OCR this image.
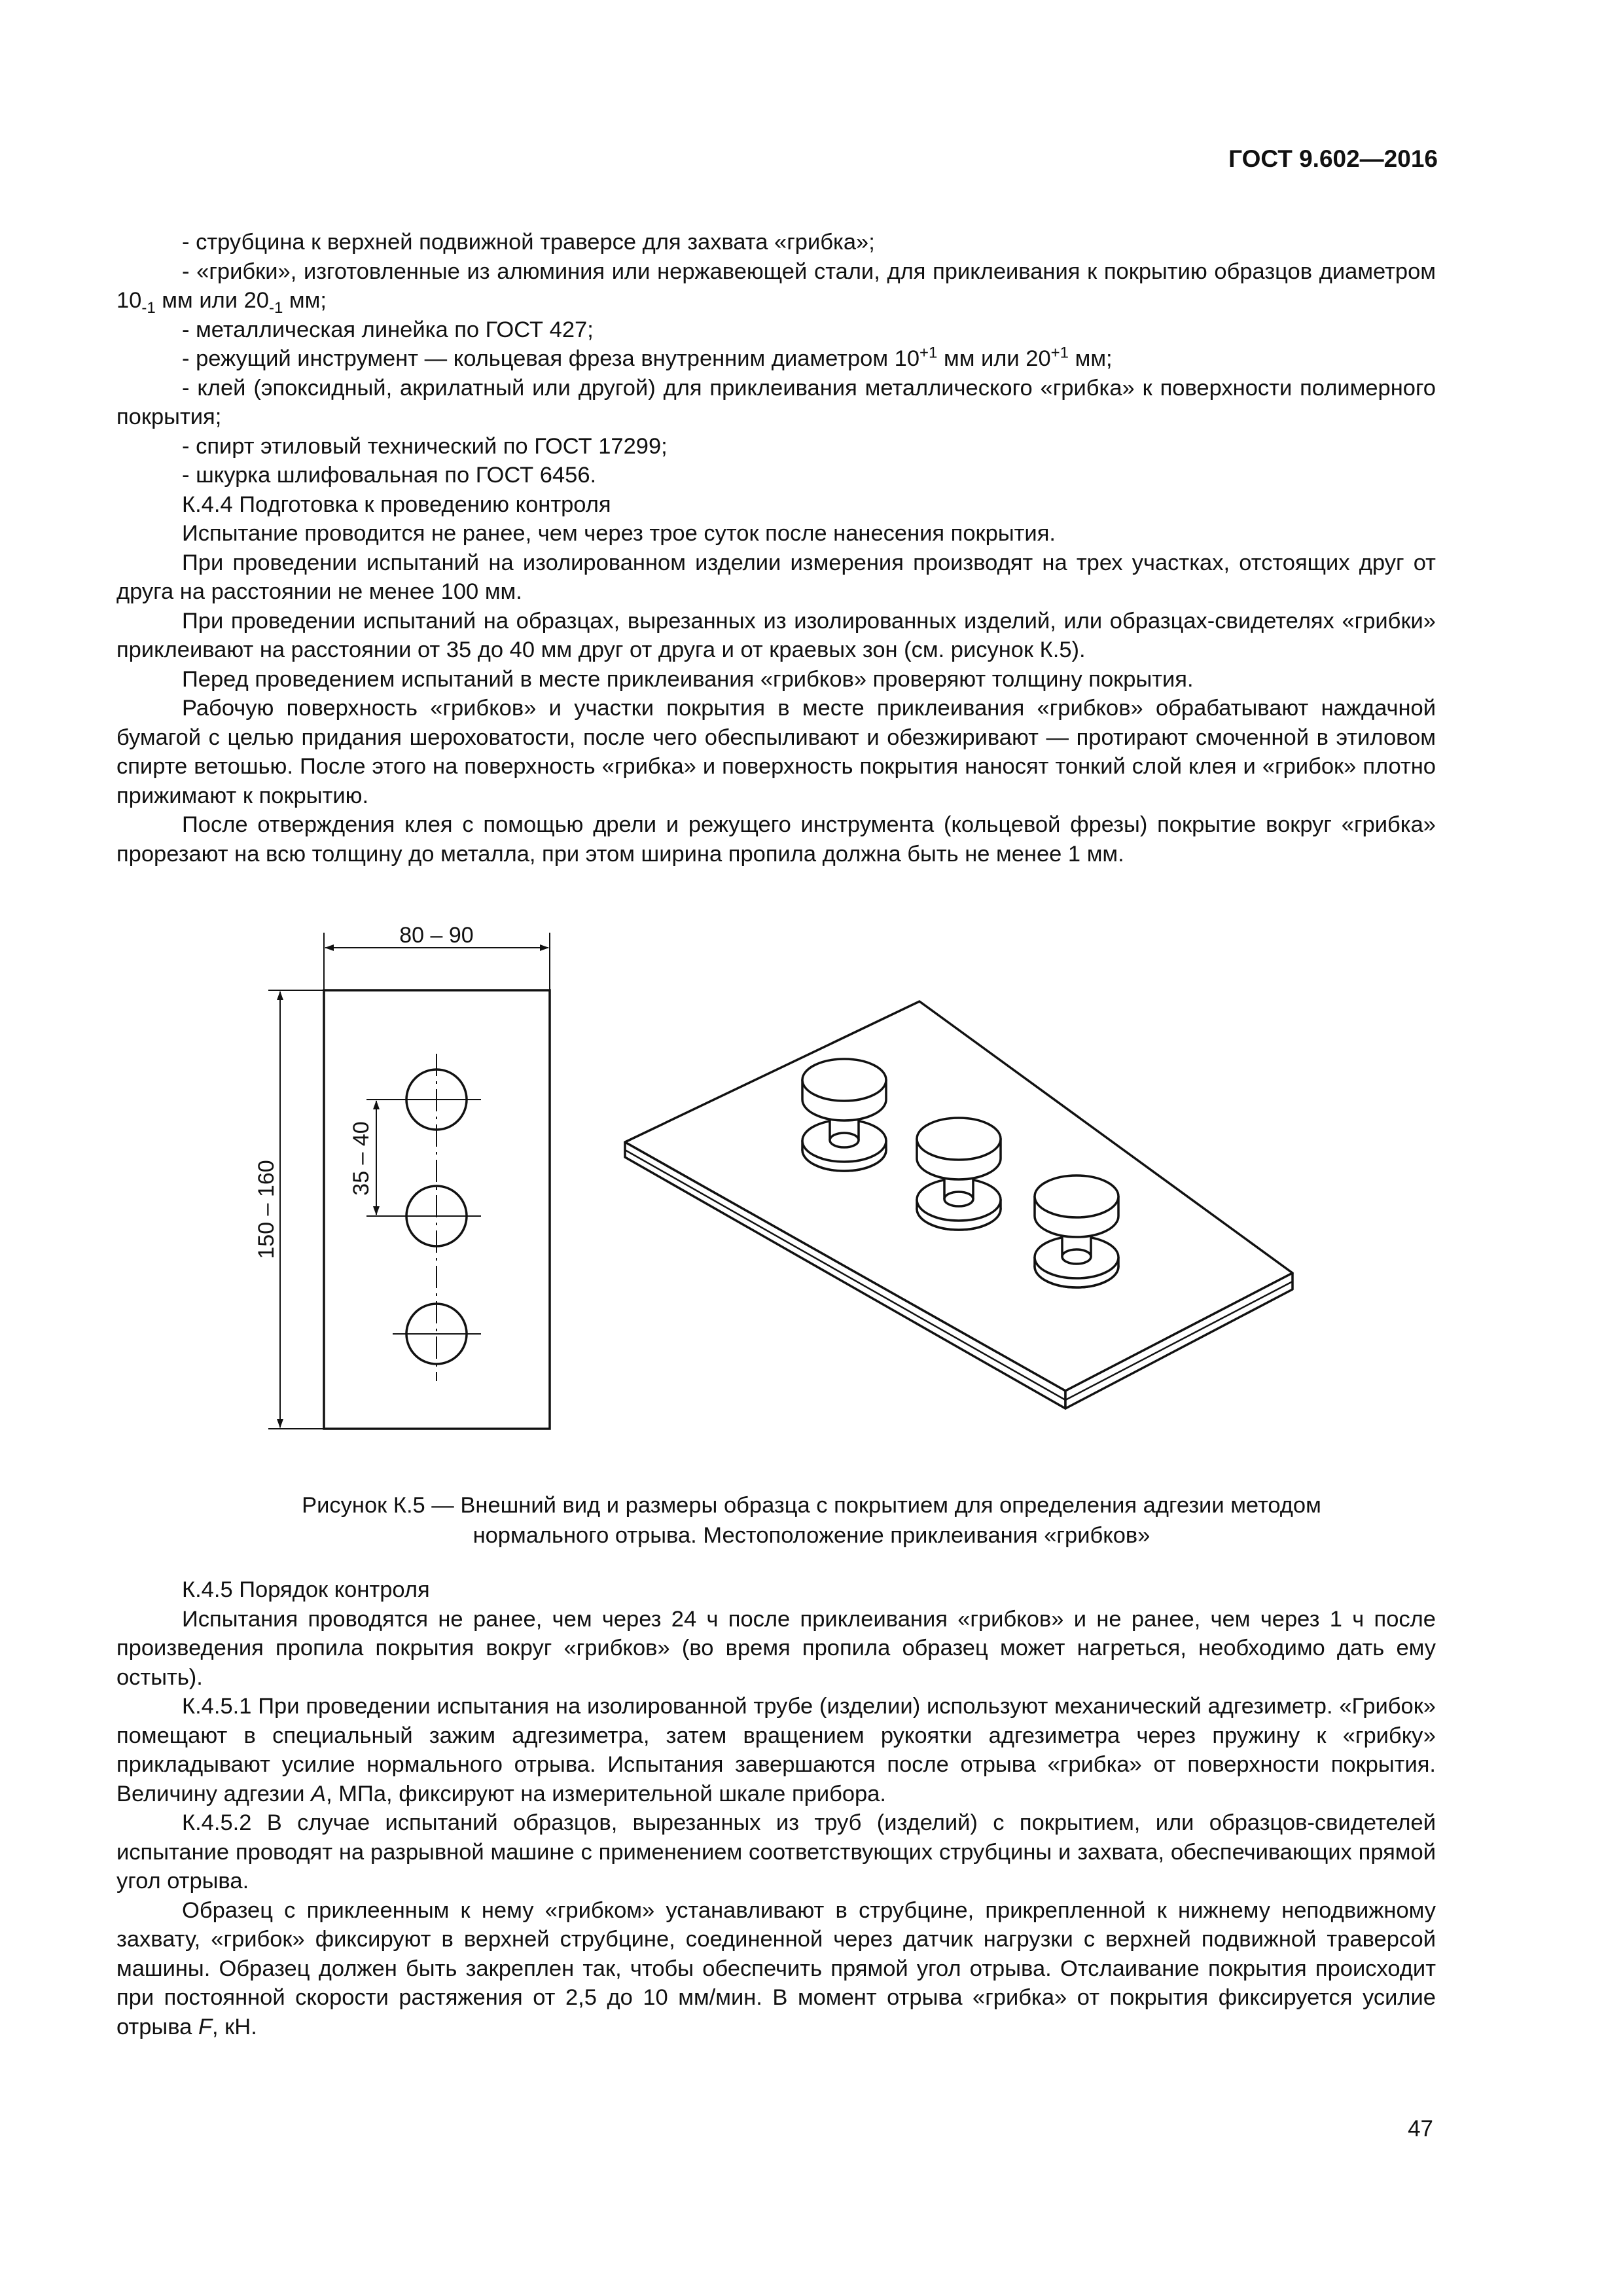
ГОСТ 9.602—2016

- струбцина к верхней подвижной траверсе для захвата «грибка»;

- «грибки», изготовленные из алюминия или нержавеющей стали, для приклеивания к покрытию образцов диаметром $10_{-1}$ мм или $20_{-1}$ мм;

- металлическая линейка по ГОСТ 427;

- режущий инструмент — кольцевая фреза внутренним диаметром $10^{+1}$ мм или $20^{+1}$ мм;

- клей (эпоксидный, акрилатный или другой) для приклеивания металлического «грибка» к поверхности полимерного покрытия;

- спирт этиловый технический по ГОСТ 17299;

- шкурка шлифовальная по ГОСТ 6456.

К.4.4 Подготовка к проведению контроля

Испытание проводится не ранее, чем через трое суток после нанесения покрытия.

При проведении испытаний на изолированном изделии измерения производят на трех участках, отстоящих друг от друга на расстоянии не менее 100 мм.

При проведении испытаний на образцах, вырезанных из изолированных изделий, или образцах-свидетелях «грибки» приклеивают на расстоянии от 35 до 40 мм друг от друга и от краевых зон (см. рисунок К.5).

Перед проведением испытаний в месте приклеивания «грибков» проверяют толщину покрытия.

Рабочую поверхность «грибков» и участки покрытия в месте приклеивания «грибков» обрабатывают наждачной бумагой с целью придания шероховатости, после чего обеспыливают и обезжиривают — протирают смоченной в этиловом спирте ветошью. После этого на поверхность «грибка» и поверхность покрытия наносят тонкий слой клея и «грибок» плотно прижимают к покрытию.

После отверждения клея с помощью дрели и режущего инструмента (кольцевой фрезы) покрытие вокруг «грибка» прорезают на всю толщину до металла, при этом ширина пропила должна быть не менее 1 мм.

80 – 90
150 – 160
35 – 40
Рисунок К.5 — Внешний вид и размеры образца с покрытием для определения адгезии методом
нормального отрыва. Местоположение приклеивания «грибков»

К.4.5 Порядок контроля

Испытания проводятся не ранее, чем через 24 ч после приклеивания «грибков» и не ранее, чем через 1 ч после произведения пропила покрытия вокруг «грибков» (во время пропила образец может нагреться, необходимо дать ему остыть).

К.4.5.1 При проведении испытания на изолированной трубе (изделии) используют механический адгезиметр. «Грибок» помещают в специальный зажим адгезиметра, затем вращением рукоятки адгезиметра через пружину к «грибку» прикладывают усилие нормального отрыва. Испытания завершаются после отрыва «грибка» от поверхности покрытия. Величину адгезии А, МПа, фиксируют на измерительной шкале прибора.

К.4.5.2 В случае испытаний образцов, вырезанных из труб (изделий) с покрытием, или образцов-свидетелей испытание проводят на разрывной машине с применением соответствующих струбцины и захвата, обеспечивающих прямой угол отрыва.

Образец с приклеенным к нему «грибком» устанавливают в струбцине, прикрепленной к нижнему неподвижному захвату, «грибок» фиксируют в верхней струбцине, соединенной через датчик нагрузки с верхней подвижной траверсой машины. Образец должен быть закреплен так, чтобы обеспечить прямой угол отрыва. Отслаивание покрытия происходит при постоянной скорости растяжения от 2,5 до 10 мм/мин. В момент отрыва «грибка» от покрытия фиксируется усилие отрыва F, кН.

47
